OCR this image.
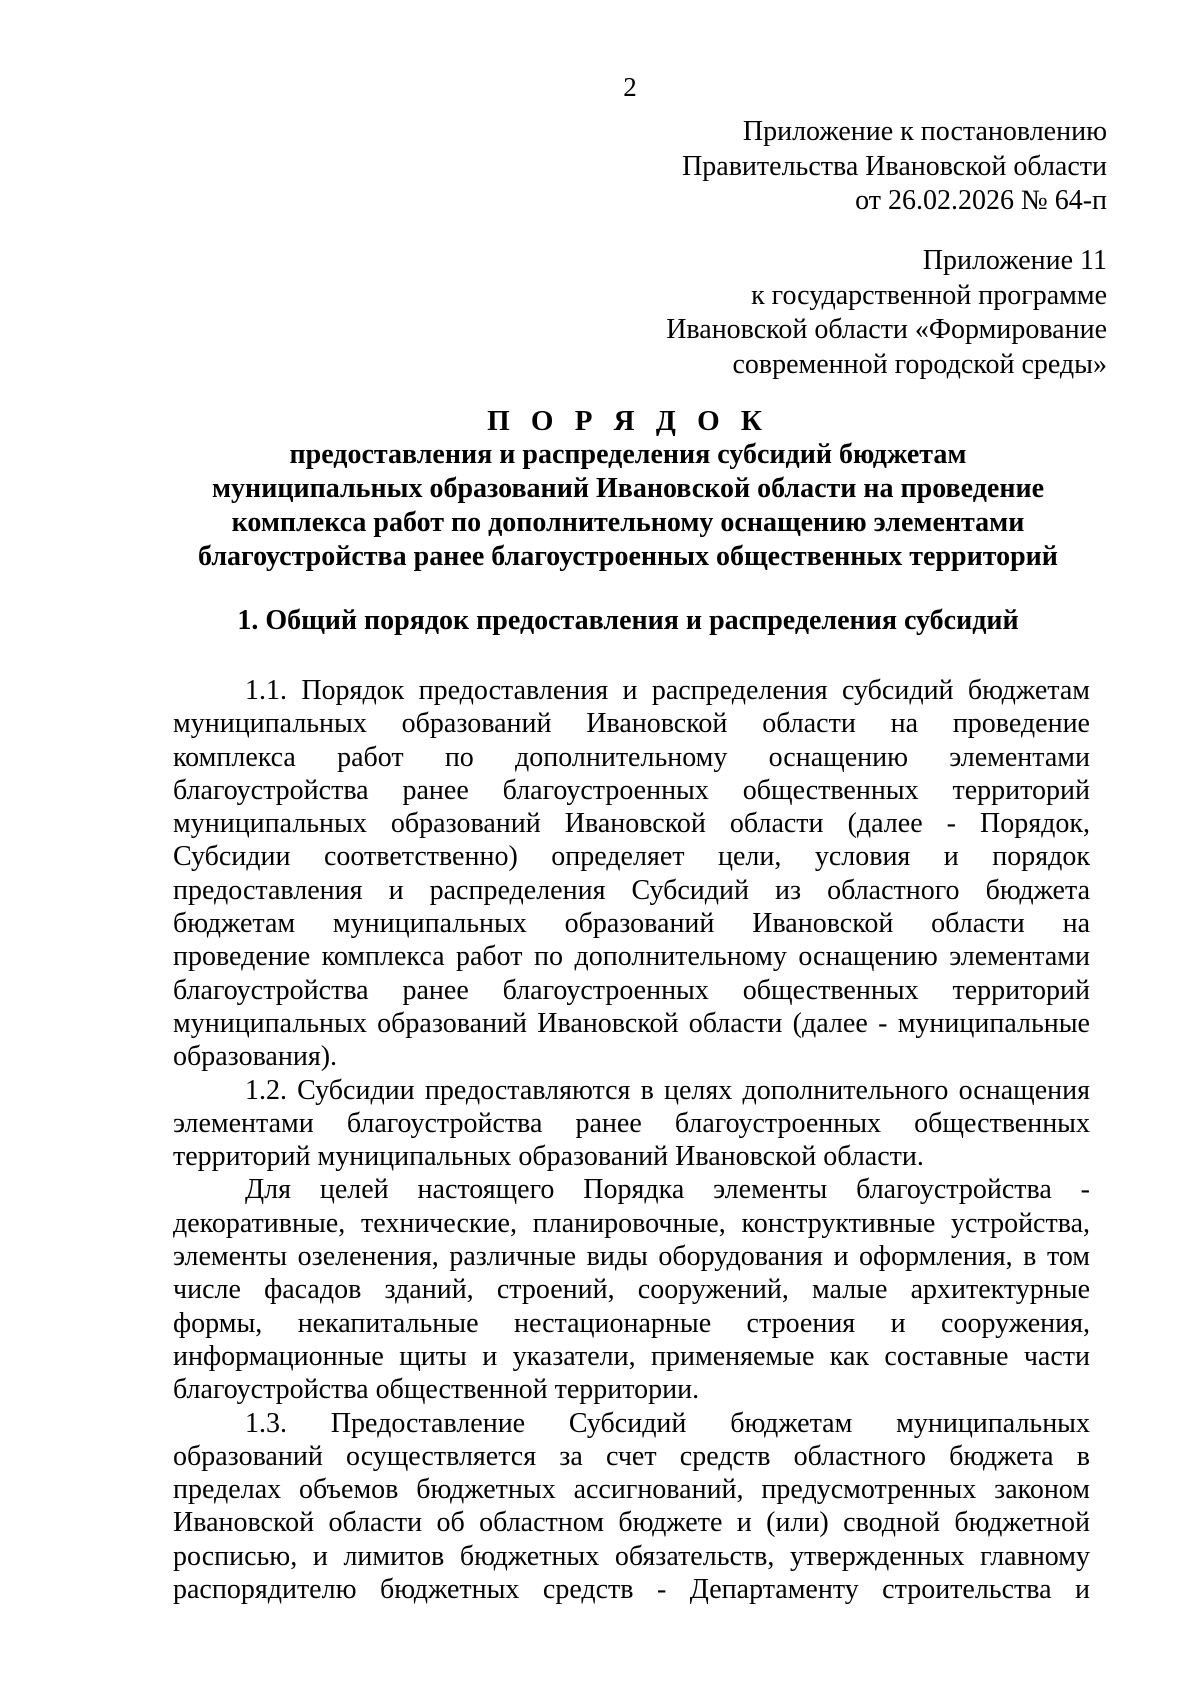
2
Приложение к постановлению
Правительства Ивановской области
от 26.02.2026 № 64-п
Приложение 11
к государственной программе
Ивановской области «Формирование
современной городской среды»
П О Р Я Д О К
предоставления и распределения субсидий бюджетам
муниципальных образований Ивановской области на проведение
комплекса работ по дополнительному оснащению элементами
благоустройства ранее благоустроенных общественных территорий
1. Общий порядок предоставления и распределения субсидий
1.1. Порядок предоставления и распределения субсидий бюджетам
муниципальных образований Ивановской области на проведение
комплекса работ по дополнительному оснащению элементами
благоустройства ранее благоустроенных общественных территорий
муниципальных образований Ивановской области (далее - Порядок,
Субсидии соответственно) определяет цели, условия и порядок
предоставления и распределения Субсидий из областного бюджета
бюджетам муниципальных образований Ивановской области на
проведение комплекса работ по дополнительному оснащению элементами
благоустройства ранее благоустроенных общественных территорий
муниципальных образований Ивановской области (далее - муниципальные
образования).
1.2. Субсидии предоставляются в целях дополнительного оснащения
элементами благоустройства ранее благоустроенных общественных
территорий муниципальных образований Ивановской области.
Для целей настоящего Порядка элементы благоустройства -
декоративные, технические, планировочные, конструктивные устройства,
элементы озеленения, различные виды оборудования и оформления, в том
числе фасадов зданий, строений, сооружений, малые архитектурные
формы, некапитальные нестационарные строения и сооружения,
информационные щиты и указатели, применяемые как составные части
благоустройства общественной территории.
1.3. Предоставление Субсидий бюджетам муниципальных
образований осуществляется за счет средств областного бюджета в
пределах объемов бюджетных ассигнований, предусмотренных законом
Ивановской области об областном бюджете и (или) сводной бюджетной
росписью, и лимитов бюджетных обязательств, утвержденных главному
распорядителю бюджетных средств - Департаменту строительства и
